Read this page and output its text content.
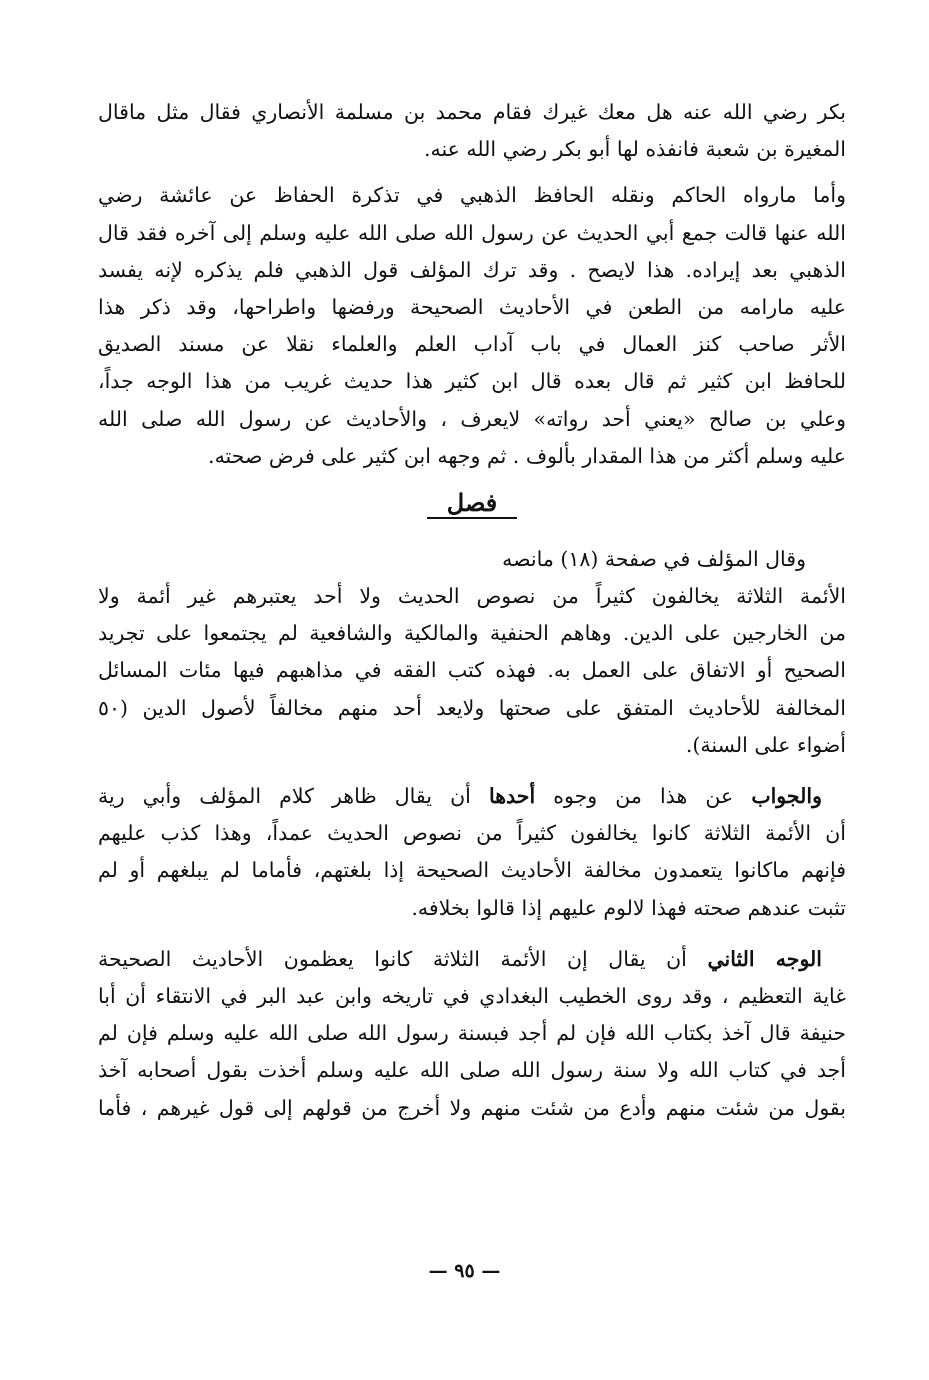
بكر رضي الله عنه هل معك غيرك فقام محمد بن مسلمة الأنصاري فقال مثل ماقال
المغيرة بن شعبة فانفذه لها أبو بكر رضي الله عنه.
وأما مارواه الحاكم ونقله الحافظ الذهبي في تذكرة الحفاظ عن عائشة رضي
الله عنها قالت جمع أبي الحديث عن رسول الله صلى الله عليه وسلم إلى آخره فقد قال
الذهبي بعد إيراده. هذا لايصح . وقد ترك المؤلف قول الذهبي فلم يذكره لإنه يفسد
عليه مارامه من الطعن في الأحاديث الصحيحة ورفضها واطراحها، وقد ذكر هذا
الأثر صاحب كنز العمال في باب آداب العلم والعلماء نقلا عن مسند الصديق
للحافظ ابن كثير ثم قال بعده قال ابن كثير هذا حديث غريب من هذا الوجه جداً،
وعلي بن صالح «يعني أحد رواته» لايعرف ، والأحاديث عن رسول الله صلى الله
عليه وسلم أكثر من هذا المقدار بألوف . ثم وجهه ابن كثير على فرض صحته.
فصل
وقال المؤلف في صفحة (١٨) مانصه
الأئمة الثلاثة يخالفون كثيراً من نصوص الحديث ولا أحد يعتبرهم غير أئمة ولا
من الخارجين على الدين. وهاهم الحنفية والمالكية والشافعية لم يجتمعوا على تجريد
الصحيح أو الاتفاق على العمل به. فهذه كتب الفقه في مذاهبهم فيها مئات المسائل
المخالفة للأحاديث المتفق على صحتها ولايعد أحد منهم مخالفاً لأصول الدين (٥٠
أضواء على السنة).
والجواب عن هذا من وجوه أحدها أن يقال ظاهر كلام المؤلف وأبي رية
أن الأئمة الثلاثة كانوا يخالفون كثيراً من نصوص الحديث عمداً، وهذا كذب عليهم
فإنهم ماكانوا يتعمدون مخالفة الأحاديث الصحيحة إذا بلغتهم، فأماما لم يبلغهم أو لم
تثبت عندهم صحته فهذا لالوم عليهم إذا قالوا بخلافه.
الوجه الثاني أن يقال إن الأئمة الثلاثة كانوا يعظمون الأحاديث الصحيحة
غاية التعظيم ، وقد روى الخطيب البغدادي في تاريخه وابن عبد البر في الانتقاء أن أبا
حنيفة قال آخذ بكتاب الله فإن لم أجد فبسنة رسول الله صلى الله عليه وسلم فإن لم
أجد في كتاب الله ولا سنة رسول الله صلى الله عليه وسلم أخذت بقول أصحابه آخذ
بقول من شئت منهم وأدع من شئت منهم ولا أخرج من قولهم إلى قول غيرهم ، فأما
— ٩٥ —
